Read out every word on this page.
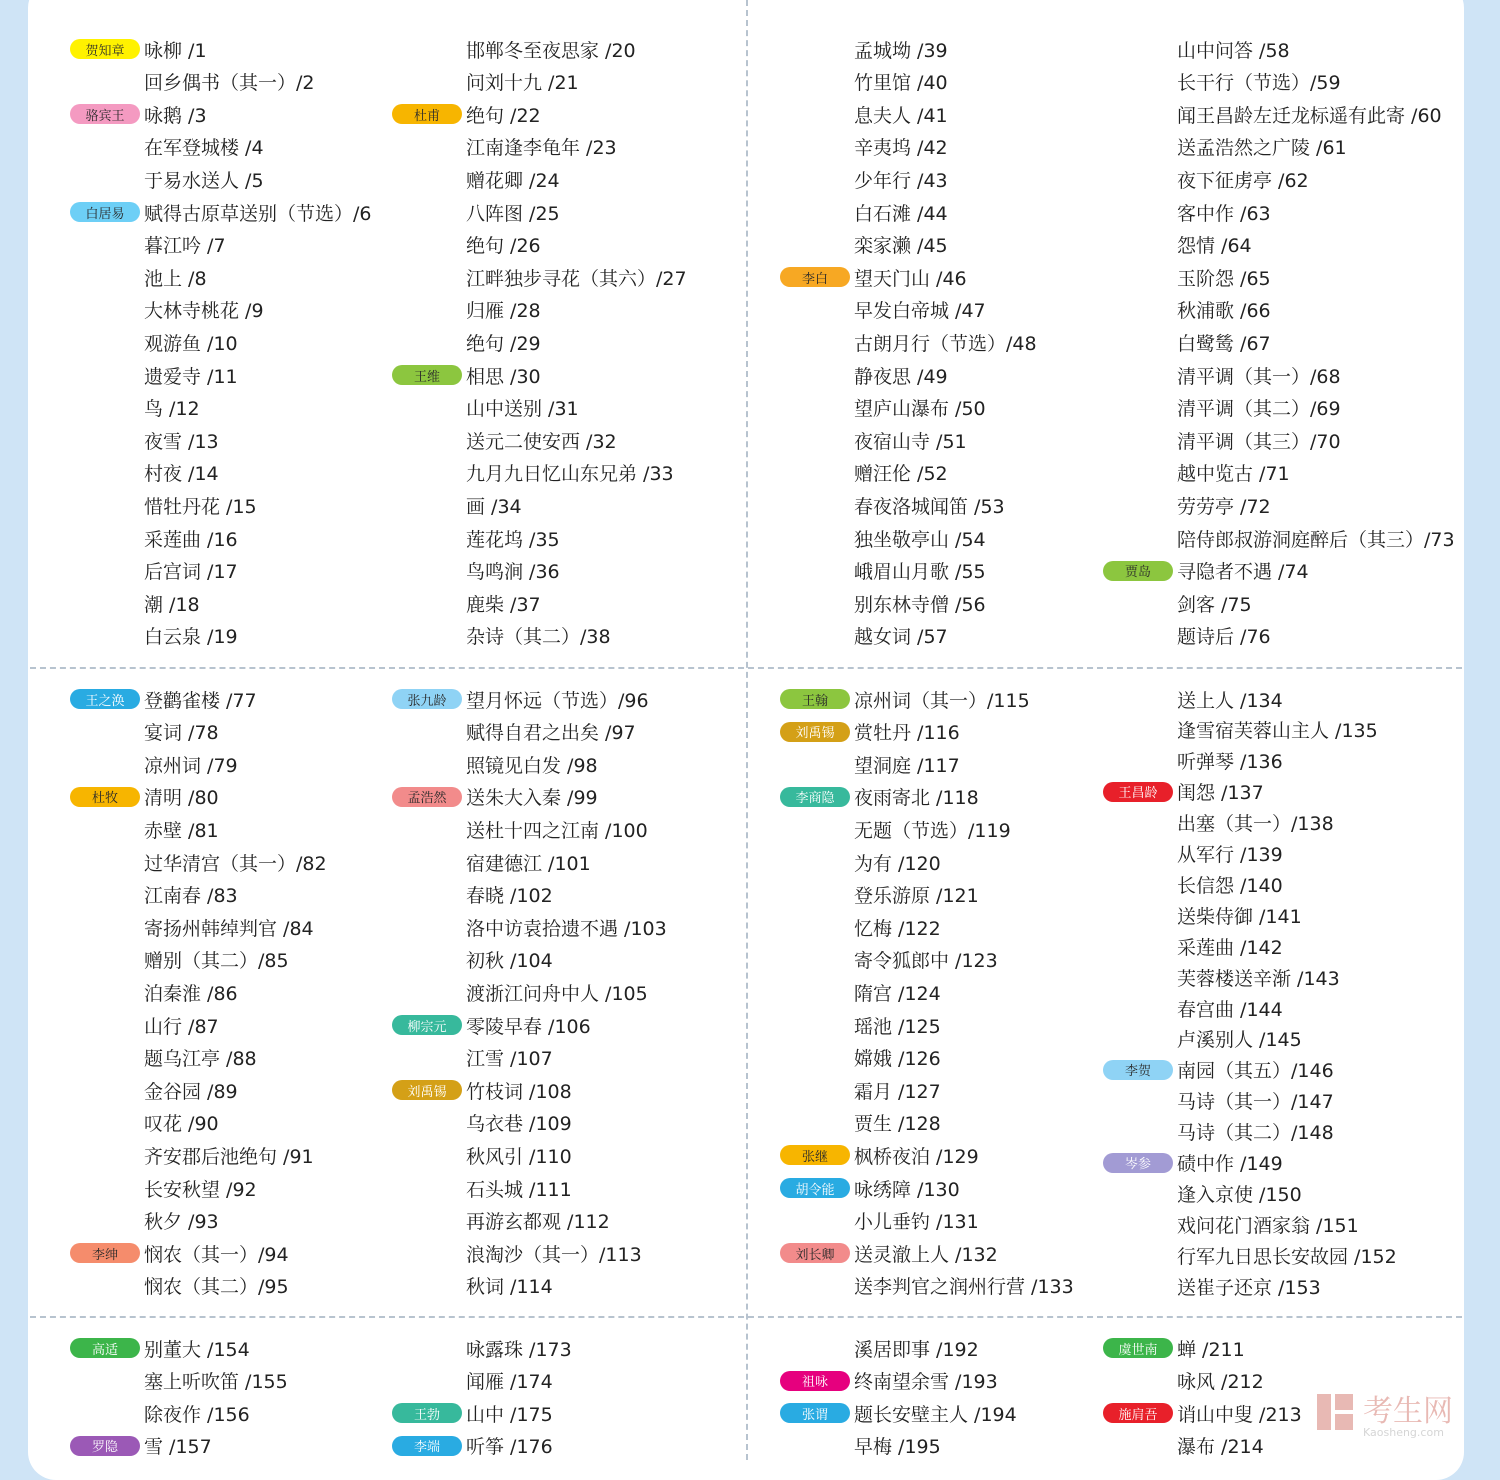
贺知章	咏柳 /1
回乡偶书（其一）/2
骆宾王	咏鹅 /3
在军登城楼 /4
于易水送人 /5
白居易	赋得古原草送别（节选）/6
暮江吟 /7
池上 /8
大林寺桃花 /9
观游鱼 /10
遗爱寺 /11
鸟 /12
夜雪 /13
村夜 /14
惜牡丹花 /15
采莲曲 /16
后宫词 /17
潮 /18
白云泉 /19
邯郸冬至夜思家 /20
问刘十九 /21
杜甫	绝句 /22
江南逢李龟年 /23
赠花卿 /24
八阵图 /25
绝句 /26
江畔独步寻花（其六）/27
归雁 /28
绝句 /29
王维	相思 /30
山中送别 /31
送元二使安西 /32
九月九日忆山东兄弟 /33
画 /34
莲花坞 /35
鸟鸣涧 /36
鹿柴 /37
杂诗（其二）/38
孟城坳 /39
竹里馆 /40
息夫人 /41
辛夷坞 /42
少年行 /43
白石滩 /44
栾家濑 /45
李白	望天门山 /46
早发白帝城 /47
古朗月行（节选）/48
静夜思 /49
望庐山瀑布 /50
夜宿山寺 /51
赠汪伦 /52
春夜洛城闻笛 /53
独坐敬亭山 /54
峨眉山月歌 /55
别东林寺僧 /56
越女词 /57
山中问答 /58
长干行（节选）/59
闻王昌龄左迁龙标遥有此寄 /60
送孟浩然之广陵 /61
夜下征虏亭 /62
客中作 /63
怨情 /64
玉阶怨 /65
秋浦歌 /66
白鹭鸶 /67
清平调（其一）/68
清平调（其二）/69
清平调（其三）/70
越中览古 /71
劳劳亭 /72
陪侍郎叔游洞庭醉后（其三）/73
贾岛	寻隐者不遇 /74
剑客 /75
题诗后 /76
王之涣	登鹳雀楼 /77
宴词 /78
凉州词 /79
杜牧	清明 /80
赤壁 /81
过华清宫（其一）/82
江南春 /83
寄扬州韩绰判官 /84
赠别（其二）/85
泊秦淮 /86
山行 /87
题乌江亭 /88
金谷园 /89
叹花 /90
齐安郡后池绝句 /91
长安秋望 /92
秋夕 /93
李绅	悯农（其一）/94
悯农（其二）/95
张九龄	望月怀远（节选）/96
赋得自君之出矣 /97
照镜见白发 /98
孟浩然	送朱大入秦 /99
送杜十四之江南 /100
宿建德江 /101
春晓 /102
洛中访袁拾遗不遇 /103
初秋 /104
渡浙江问舟中人 /105
柳宗元	零陵早春 /106
江雪 /107
刘禹锡	竹枝词 /108
乌衣巷 /109
秋风引 /110
石头城 /111
再游玄都观 /112
浪淘沙（其一）/113
秋词 /114
王翰	凉州词（其一）/115
刘禹锡	赏牡丹 /116
望洞庭 /117
李商隐	夜雨寄北 /118
无题（节选）/119
为有 /120
登乐游原 /121
忆梅 /122
寄令狐郎中 /123
隋宫 /124
瑶池 /125
嫦娥 /126
霜月 /127
贾生 /128
张继	枫桥夜泊 /129
胡令能	咏绣障 /130
小儿垂钓 /131
刘长卿	送灵澈上人 /132
送李判官之润州行营 /133
送上人 /134
逢雪宿芙蓉山主人 /135
听弹琴 /136
王昌龄	闺怨 /137
出塞（其一）/138
从军行 /139
长信怨 /140
送柴侍御 /141
采莲曲 /142
芙蓉楼送辛渐 /143
春宫曲 /144
卢溪别人 /145
李贺	南园（其五）/146
马诗（其一）/147
马诗（其二）/148
岑参	碛中作 /149
逢入京使 /150
戏问花门酒家翁 /151
行军九日思长安故园 /152
送崔子还京 /153
高适	别董大 /154
塞上听吹笛 /155
除夜作 /156
罗隐	雪 /157
咏露珠 /173
闻雁 /174
王勃	山中 /175
李端	听筝 /176
溪居即事 /192
祖咏	终南望余雪 /193
张谓	题长安壁主人 /194
早梅 /195
虞世南	蝉 /211
咏风 /212
施肩吾	诮山中叟 /213
瀑布 /214
考生网
Kaosheng.com
